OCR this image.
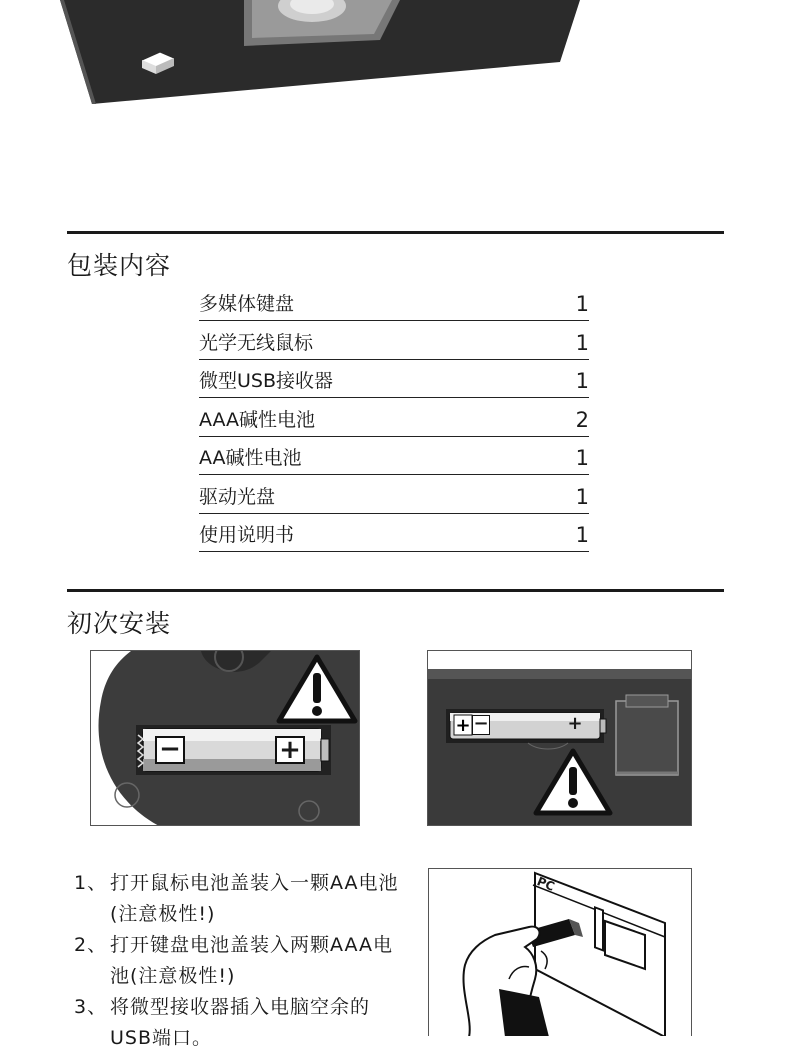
包装内容
多媒体键盘	1
光学无线鼠标	1
微型USB接收器	1
AAA碱性电池	2
AA碱性电池	1
驱动光盘	1
使用说明书	1
初次安装
−	+
+ −	+
1、 打开鼠标电池盖装入一颗AA电池(注意极性!)
2、 打开键盘电池盖装入两颗AAA电池(注意极性!)
3、 将微型接收器插入电脑空余的USB端口。
PC
